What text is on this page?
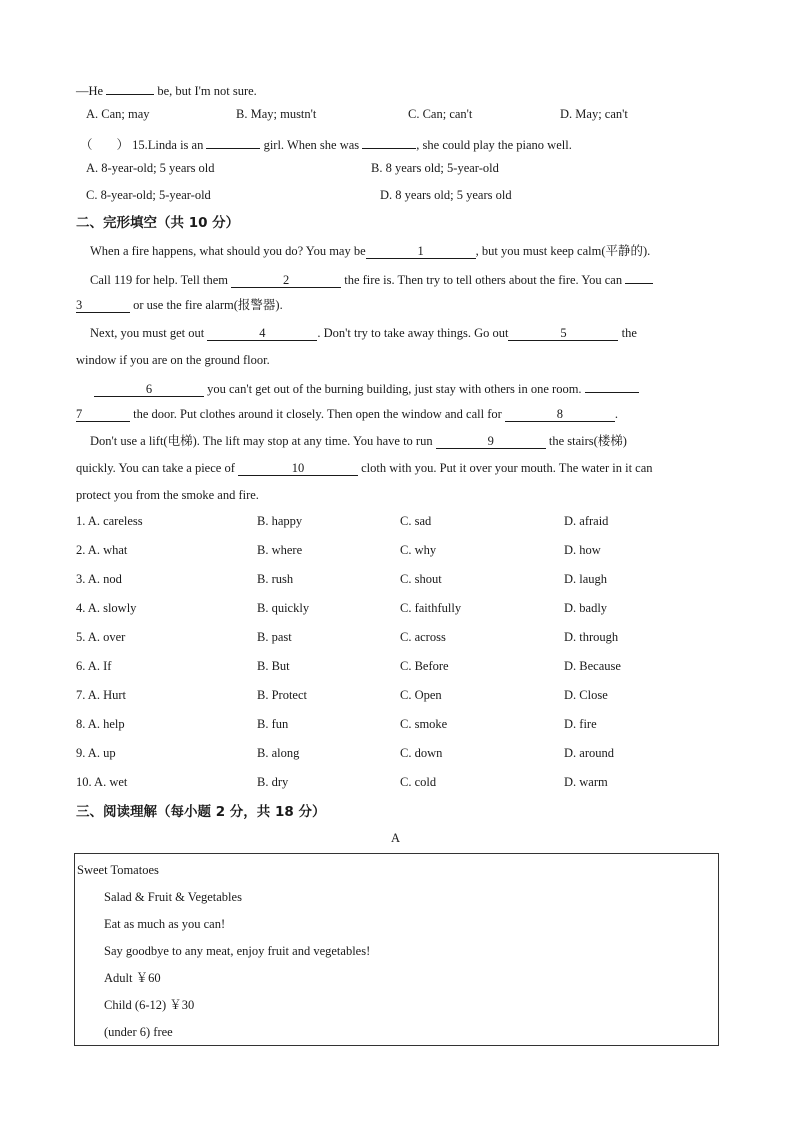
—He	be, but I'm not sure.
A. Can; may	B. May; mustn't	C. Can; can't	D. May; can't
（ ） 15.Linda is an	girl. When she was	, she could play the piano well.
A. 8-year-old; 5 years old	B. 8 years old; 5-year-old
C. 8-year-old; 5-year-old	D. 8 years old; 5 years old
二、完形填空（共 10 分）
When a fire happens, what should you do? You may be	1	, but you must keep calm(平静的).
Call 119 for help. Tell them	2	the fire is. Then try to tell others about the fire. You can
3	or use the fire alarm(报警器).
Next, you must get out	4	. Don't try to take away things. Go out	5	the
window if you are on the ground floor.
6	you can't get out of the burning building, just stay with others in one room.
7	the door. Put clothes around it closely. Then open the window and call for	8	.
Don't use a lift(电梯). The lift may stop at any time. You have to run	9	the stairs(楼梯)
quickly. You can take a piece of	10	cloth with you. Put it over your mouth. The water in it can
protect you from the smoke and fire.
1. A. careless	B. happy	C. sad	D. afraid
2. A. what	B. where	C. why	D. how
3. A. nod	B. rush	C. shout	D. laugh
4. A. slowly	B. quickly	C. faithfully	D. badly
5. A. over	B. past	C. across	D. through
6. A. If	B. But	C. Before	D. Because
7. A. Hurt	B. Protect	C. Open	D. Close
8. A. help	B. fun	C. smoke	D. fire
9. A. up	B. along	C. down	D. around
10. A. wet	B. dry	C. cold	D. warm
三、阅读理解（每小题 2 分，共 18 分）
A
Sweet Tomatoes
Salad & Fruit & Vegetables
Eat as much as you can!
Say goodbye to any meat, enjoy fruit and vegetables!
Adult ￥60
Child (6-12) ￥30
(under 6) free
